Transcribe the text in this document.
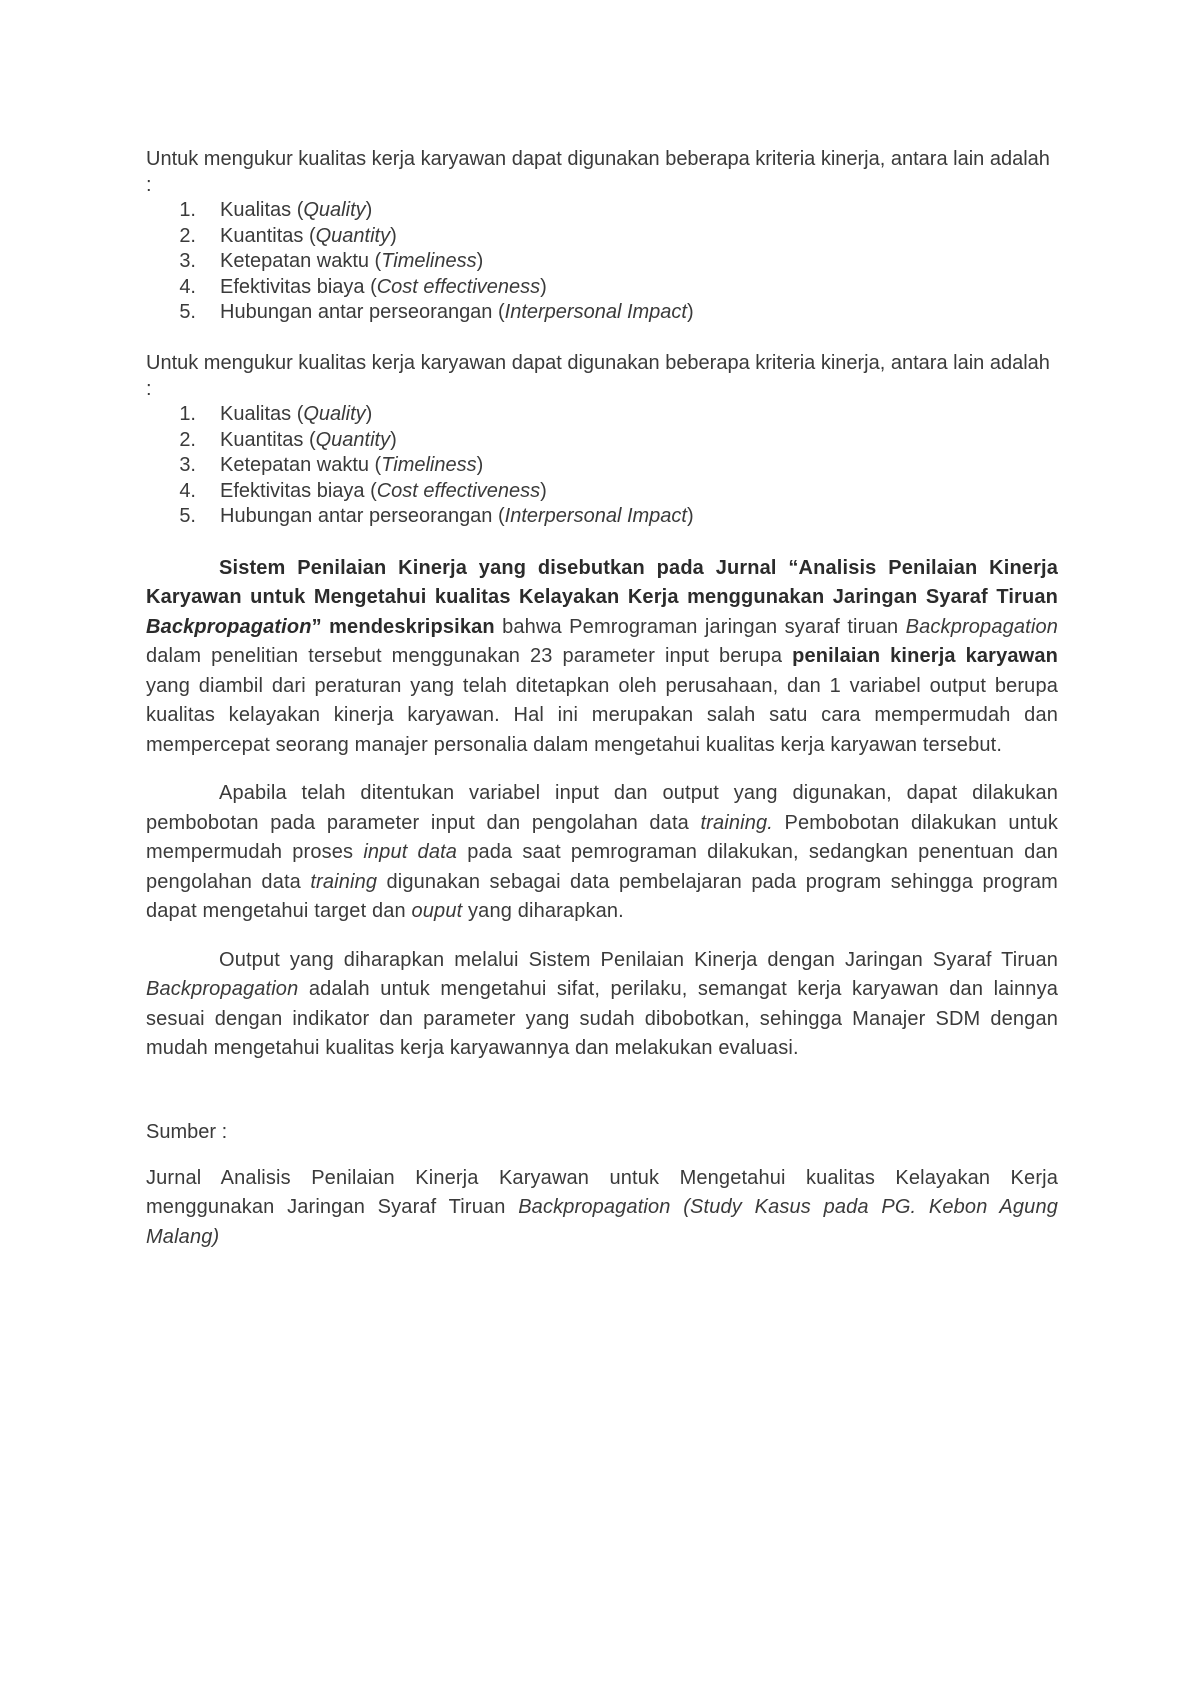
Untuk mengukur kualitas kerja karyawan dapat digunakan beberapa kriteria kinerja, antara lain adalah :

1.	Kualitas (Quality)
2.	Kuantitas (Quantity)
3.	Ketepatan waktu (Timeliness)
4.	Efektivitas biaya (Cost effectiveness)
5.	Hubungan antar perseorangan (Interpersonal Impact)

Untuk mengukur kualitas kerja karyawan dapat digunakan beberapa kriteria kinerja, antara lain adalah :

1.	Kualitas (Quality)
2.	Kuantitas (Quantity)
3.	Ketepatan waktu (Timeliness)
4.	Efektivitas biaya (Cost effectiveness)
5.	Hubungan antar perseorangan (Interpersonal Impact)

Sistem Penilaian Kinerja yang disebutkan pada Jurnal “Analisis Penilaian Kinerja Karyawan untuk Mengetahui kualitas Kelayakan Kerja menggunakan Jaringan Syaraf Tiruan Backpropagation” mendeskripsikan bahwa Pemrograman jaringan syaraf tiruan Backpropagation dalam penelitian tersebut menggunakan 23 parameter input berupa penilaian kinerja karyawan yang diambil dari peraturan yang telah ditetapkan oleh perusahaan, dan 1 variabel output berupa kualitas kelayakan kinerja karyawan. Hal ini merupakan salah satu cara mempermudah dan mempercepat seorang manajer personalia dalam mengetahui kualitas kerja karyawan tersebut.

Apabila telah ditentukan variabel input dan output yang digunakan, dapat dilakukan pembobotan pada parameter input dan pengolahan data training. Pembobotan dilakukan untuk mempermudah proses input data pada saat pemrograman dilakukan, sedangkan penentuan dan pengolahan data training digunakan sebagai data pembelajaran pada program sehingga program dapat mengetahui target dan ouput yang diharapkan.

Output yang diharapkan melalui Sistem Penilaian Kinerja dengan Jaringan Syaraf Tiruan Backpropagation adalah untuk mengetahui sifat, perilaku, semangat kerja karyawan dan lainnya sesuai dengan indikator dan parameter yang sudah dibobotkan, sehingga Manajer SDM dengan mudah mengetahui kualitas kerja karyawannya dan melakukan evaluasi.

Sumber :

Jurnal Analisis Penilaian Kinerja Karyawan untuk Mengetahui kualitas Kelayakan Kerja menggunakan Jaringan Syaraf Tiruan Backpropagation (Study Kasus pada PG. Kebon Agung Malang)
